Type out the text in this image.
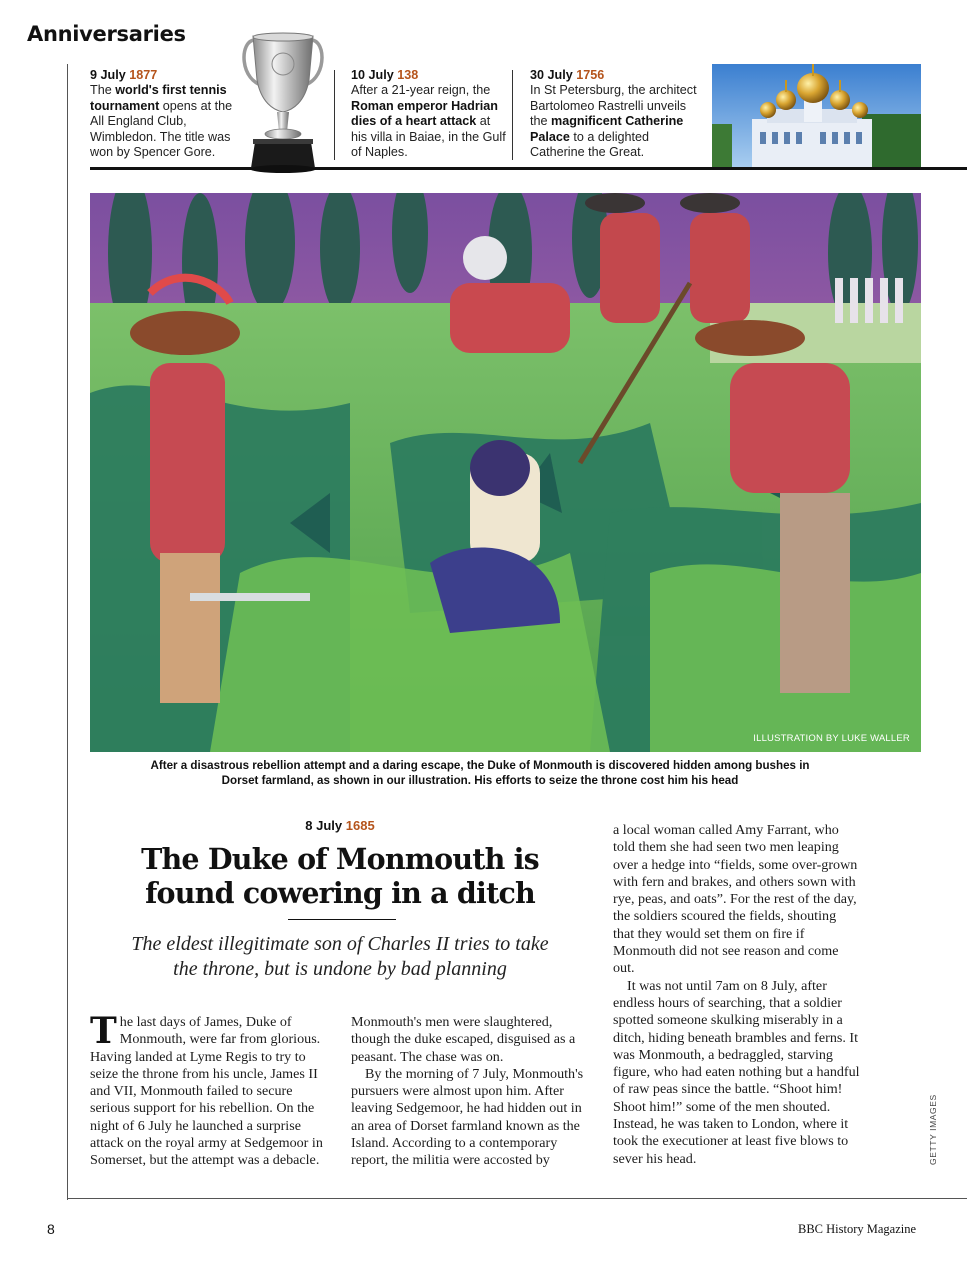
Anniversaries
9 July 1877
The world's first tennis tournament opens at the All England Club, Wimbledon. The title was won by Spencer Gore.
10 July 138
After a 21-year reign, the Roman emperor Hadrian dies of a heart attack at his villa in Baiae, in the Gulf of Naples.
30 July 1756
In St Petersburg, the architect Bartolomeo Rastrelli unveils the magnificent Catherine Palace to a delighted Catherine the Great.
ILLUSTRATION BY LUKE WALLER
After a disastrous rebellion attempt and a daring escape, the Duke of Monmouth is discovered hidden among bushes in Dorset farmland, as shown in our illustration. His efforts to seize the throne cost him his head
8 July 1685
The Duke of Monmouth is found cowering in a ditch
The eldest illegitimate son of Charles II tries to take the throne, but is undone by bad planning

The last days of James, Duke of Monmouth, were far from glorious. Having landed at Lyme Regis to try to seize the throne from his uncle, James II and VII, Monmouth failed to secure serious support for his rebellion. On the night of 6 July he launched a surprise attack on the royal army at Sedgemoor in Somerset, but the attempt was a debacle.

Monmouth's men were slaughtered, though the duke escaped, disguised as a peasant. The chase was on.

By the morning of 7 July, Monmouth's pursuers were almost upon him. After leaving Sedgemoor, he had hidden out in an area of Dorset farmland known as the Island. According to a contemporary report, the militia were accosted by

a local woman called Amy Farrant, who told them she had seen two men leaping over a hedge into “fields, some over-grown with fern and brakes, and others sown with rye, peas, and oats”. For the rest of the day, the soldiers scoured the fields, shouting that they would set them on fire if Monmouth did not see reason and come out.

It was not until 7am on 8 July, after endless hours of searching, that a soldier spotted someone skulking miserably in a ditch, hiding beneath brambles and ferns. It was Monmouth, a bedraggled, starving figure, who had eaten nothing but a handful of raw peas since the battle. “Shoot him! Shoot him!” some of the men shouted. Instead, he was taken to London, where it took the executioner at least five blows to sever his head.	GETTY IMAGES
8	BBC History Magazine
